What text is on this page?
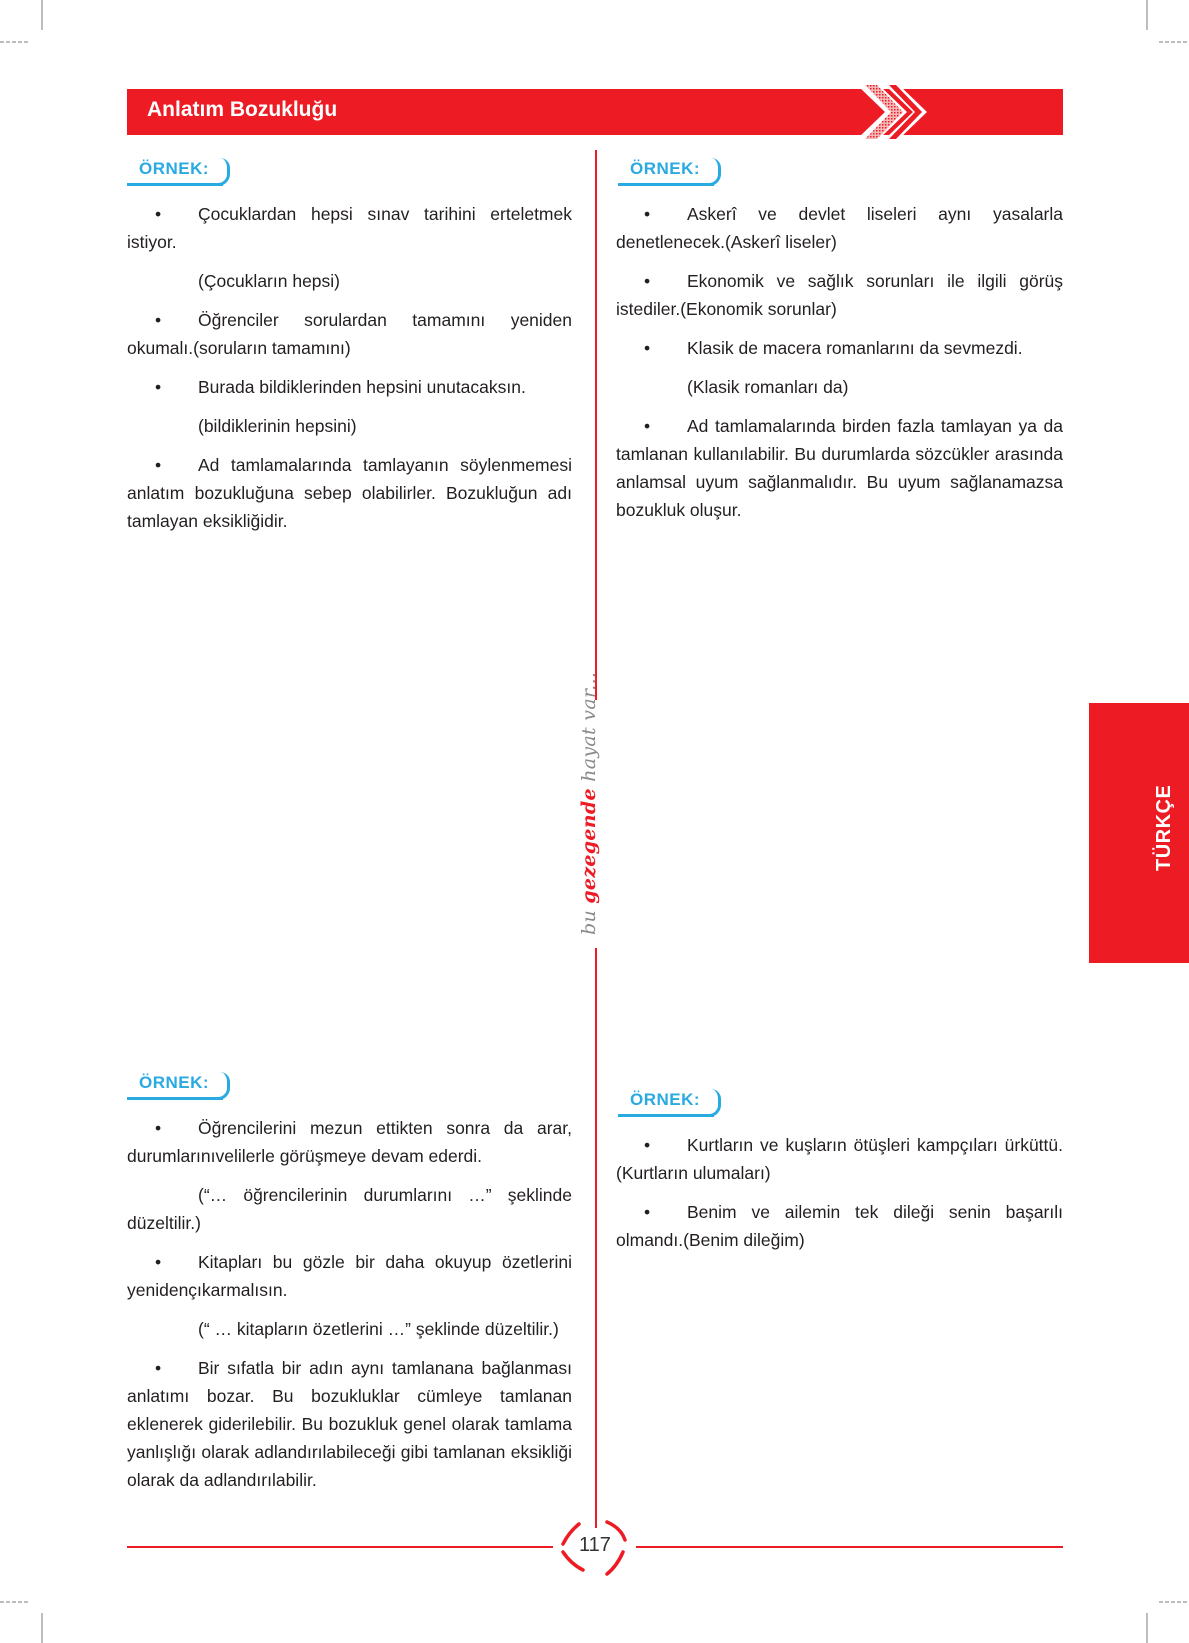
Anlatım Bozukluğu
bu gezegende hayat var...
ÖRNEK:	ÖRNEK:
ÖRNEK:
ÖRNEK:

• Çocuklardan hepsi sınav tarihini erteletmek istiyor.

(Çocukların hepsi)

• Öğrenciler sorulardan tamamını yeniden okumalı.(soruların tamamını)

• Burada bildiklerinden hepsini unutacaksın.

(bildiklerinin hepsini)

• Ad tamlamalarında tamlayanın söylenmemesi anlatım bozukluğuna sebep olabilirler. Bozukluğun adı tamlayan eksikliğidir.

• Askerî ve devlet liseleri aynı yasalarla denetlenecek.(Askerî liseler)

• Ekonomik ve sağlık sorunları ile ilgili görüş istediler.(Ekonomik sorunlar)

• Klasik de macera romanlarını da sevmezdi.

(Klasik romanları da)

• Ad tamlamalarında birden fazla tamlayan ya da tamlanan kullanılabilir. Bu durumlarda sözcükler arasında anlamsal uyum sağlanmalıdır. Bu uyum sağlanamazsa bozukluk oluşur.

• Öğrencilerini mezun ettikten sonra da arar, durumlarınıvelilerle görüşmeye devam ederdi.

(“… öğrencilerinin durumlarını …” şeklinde düzeltilir.)

• Kitapları bu gözle bir daha okuyup özetlerini yenidençıkarmalısın.

(“ … kitapların özetlerini …” şeklinde düzeltilir.)

• Bir sıfatla bir adın aynı tamlanana bağlanması anlatımı bozar. Bu bozukluklar cümleye tamlanan eklenerek giderilebilir. Bu bozukluk genel olarak tamlama yanlışlığı olarak adlandırılabileceği gibi tamlanan eksikliği olarak da adlandırılabilir.

• Kurtların ve kuşların ötüşleri kampçıları ürküttü. (Kurtların ulumaları)

• Benim ve ailemin tek dileği senin başarılı olmandı.(Benim dileğim)

TÜRKÇE
117
